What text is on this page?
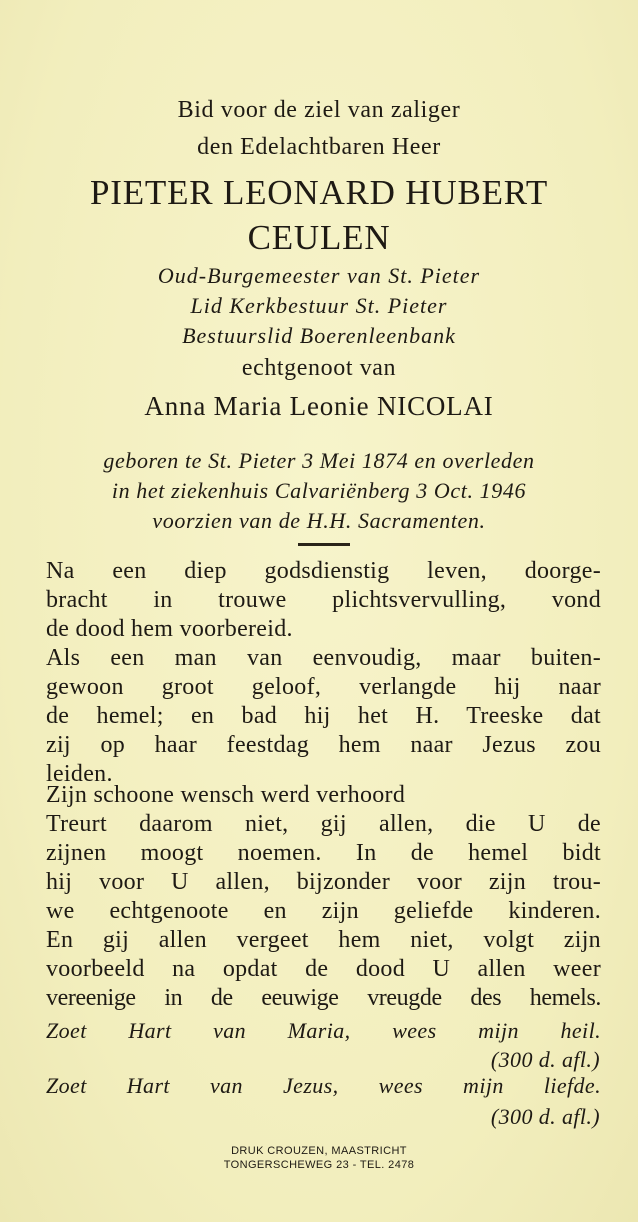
Bid voor de ziel van zaliger
den Edelachtbaren Heer
PIETER LEONARD HUBERT
CEULEN
Oud-Burgemeester van St. Pieter
Lid Kerkbestuur St. Pieter
Bestuurslid Boerenleenbank
echtgenoot van
Anna Maria Leonie NICOLAI
geboren te St. Pieter 3 Mei 1874 en overleden
in het ziekenhuis Calvariënberg 3 Oct. 1946
voorzien van de H.H. Sacramenten.
Na een diep godsdienstig leven, doorge-
bracht in trouwe plichtsvervulling, vond
de dood hem voorbereid.
Als een man van eenvoudig, maar buiten-
gewoon groot geloof, verlangde hij naar
de hemel; en bad hij het H. Treeske dat
zij op haar feestdag hem naar Jezus zou
leiden.
Zijn schoone wensch werd verhoord
Treurt daarom niet, gij allen, die U de
zijnen moogt noemen. In de hemel bidt
hij voor U allen, bijzonder voor zijn trou-
we echtgenoote en zijn geliefde kinderen.
En gij allen vergeet hem niet, volgt zijn
voorbeeld na opdat de dood U allen weer
vereenige in de eeuwige vreugde des hemels.
Zoet Hart van Maria, wees mijn heil.
(300 d. afl.)
Zoet Hart van Jezus, wees mijn liefde.
(300 d. afl.)
DRUK CROUZEN, MAASTRICHT
TONGERSCHEWEG 23 - TEL. 2478
